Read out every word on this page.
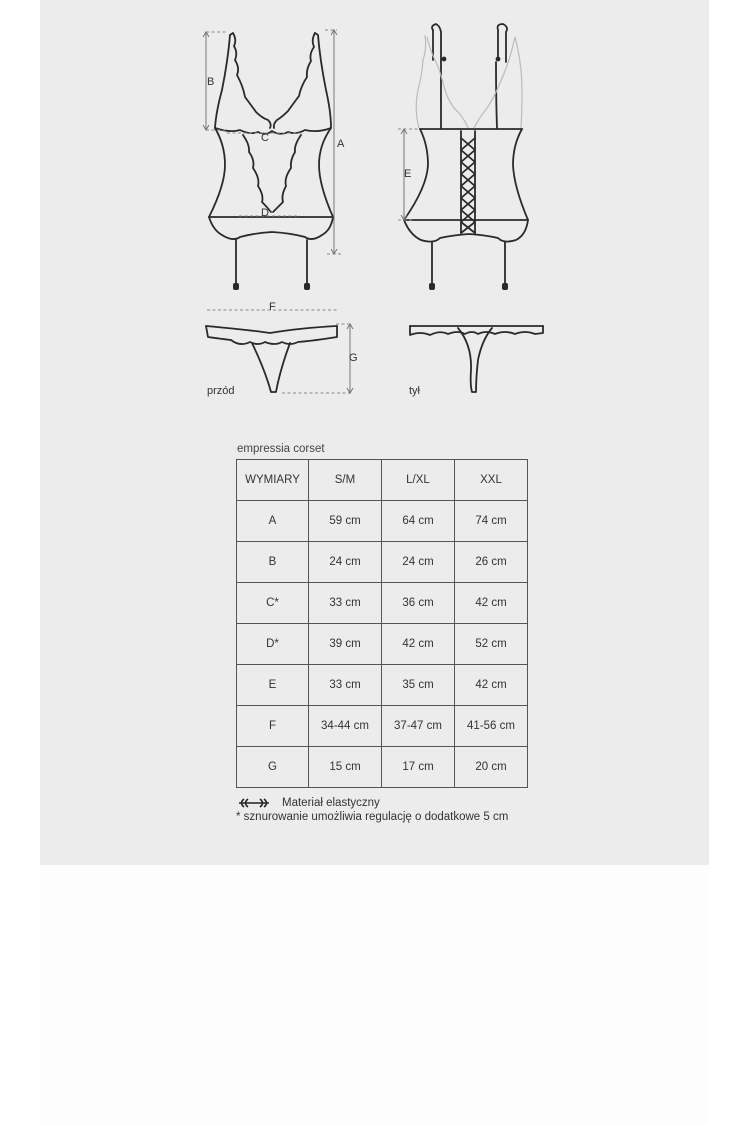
B
A
C
D
E
F
G
przód	tył
empressia corset
WYMIARY	S/M	L/XL	XXL
A	59 cm	64 cm	74 cm
B	24 cm	24 cm	26 cm
C*	33 cm	36 cm	42 cm
D*	39 cm	42 cm	52 cm
E	33 cm	35 cm	42 cm
F	34-44 cm	37-47 cm	41-56 cm
G	15 cm	17 cm	20 cm
Materiał elastyczny
* sznurowanie umożliwia regulację o dodatkowe 5 cm
